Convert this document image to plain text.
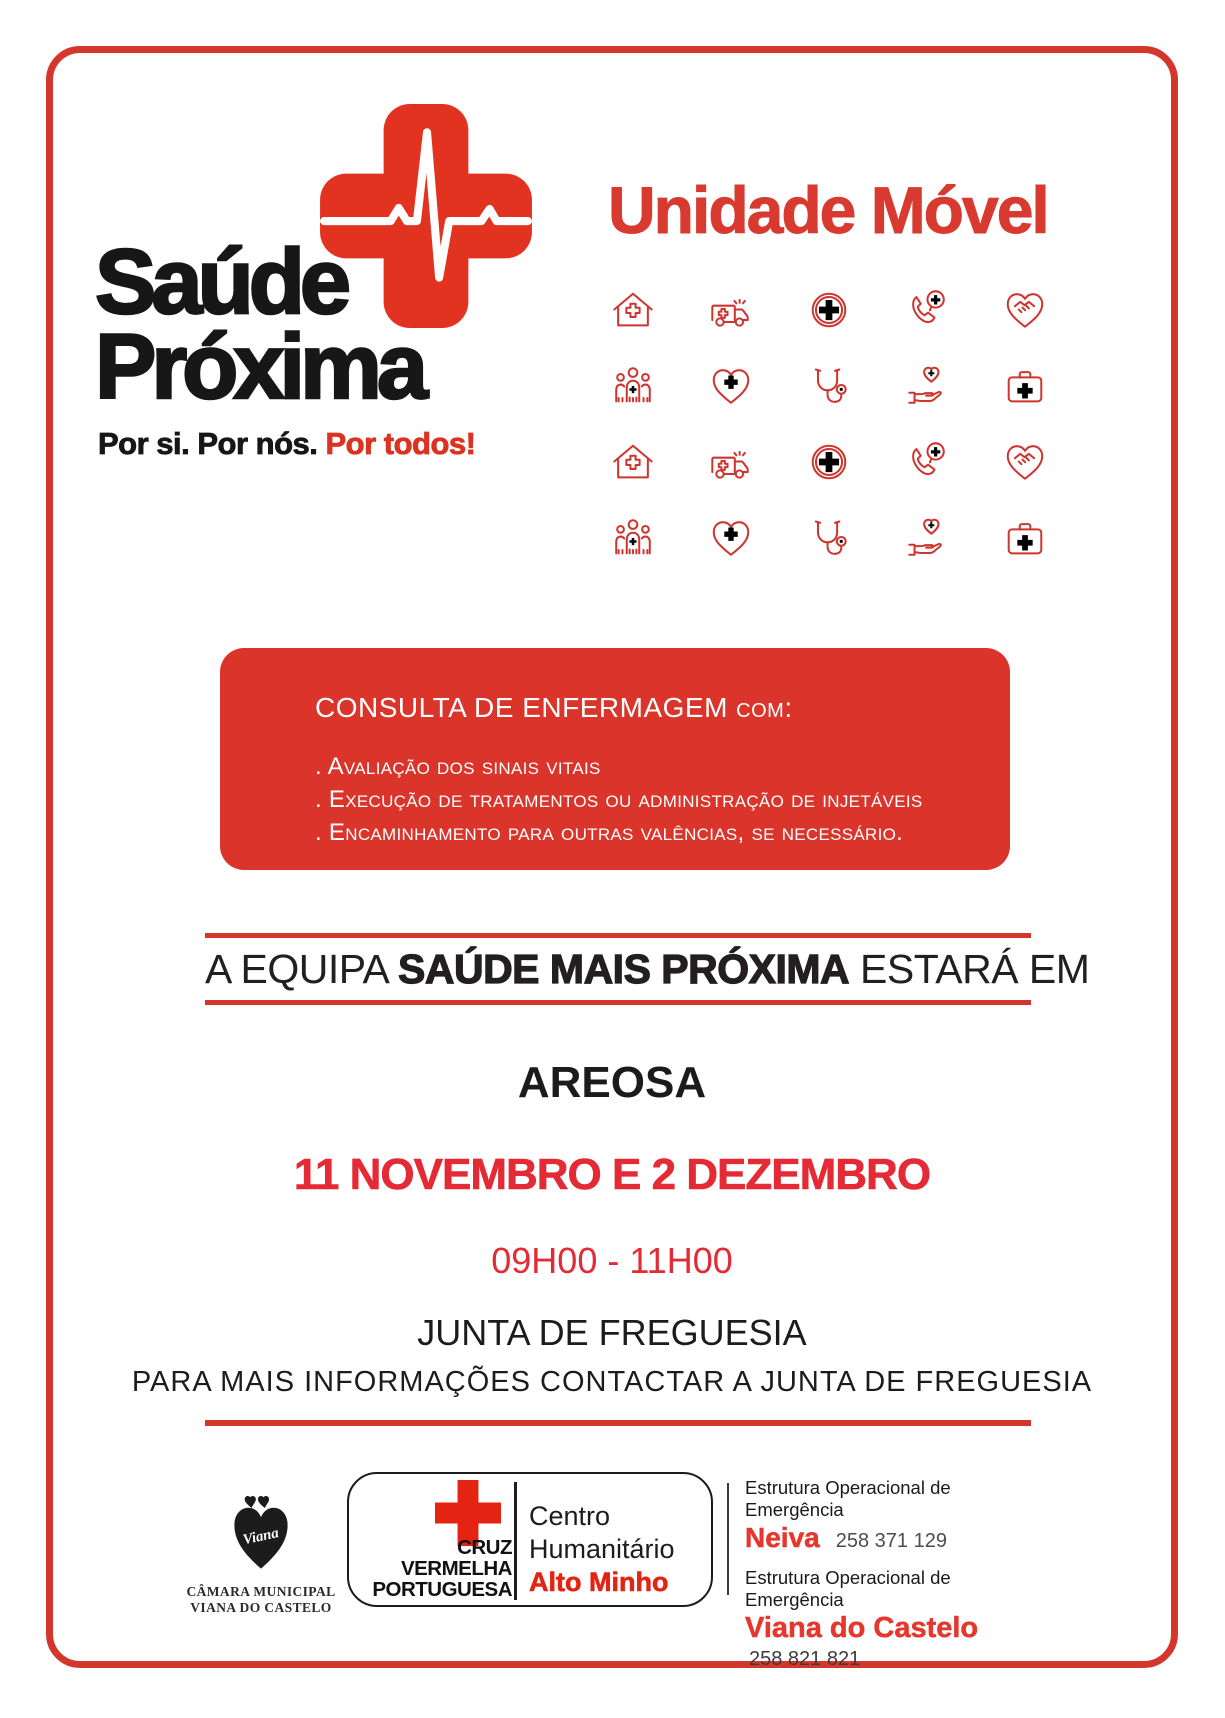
Saúde
Próxima
Por si. Por nós. Por todos!
Unidade Móvel
CONSULTA DE ENFERMAGEM com:
. Avaliação dos sinais vitais
. Execução de tratamentos ou administração de injetáveis
. Encaminhamento para outras valências, se necessário.
A EQUIPA SAÚDE MAIS PRÓXIMA ESTARÁ EM
AREOSA
11 NOVEMBRO E 2 DEZEMBRO
09H00 - 11H00
JUNTA DE FREGUESIA
PARA MAIS INFORMAÇÕES CONTACTAR A JUNTA DE FREGUESIA
Viana
CÂMARA MUNICIPAL
VIANA DO CASTELO
CRUZ
VERMELHA
PORTUGUESA
Centro
Humanitário
Alto Minho
Estrutura Operacional de Emergência
Neiva 258 371 129
Estrutura Operacional de Emergência
Viana do Castelo
258 821 821
